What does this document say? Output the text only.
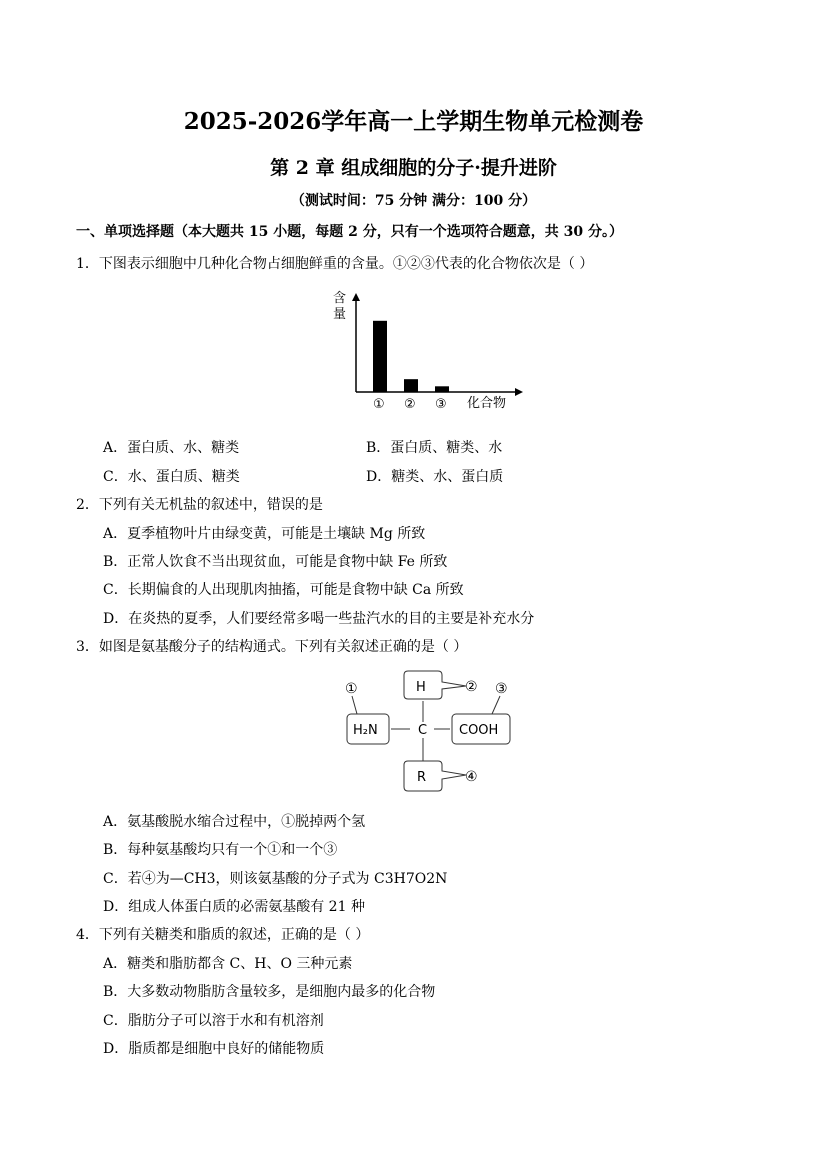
2025-2026学年高一上学期生物单元检测卷
第 2 章 组成细胞的分子·提升进阶
（测试时间：75 分钟 满分：100 分）
一、单项选择题（本大题共 15 小题，每题 2 分，只有一个选项符合题意，共 30 分。）
1．下图表示细胞中几种化合物占细胞鲜重的含量。①②③代表的化合物依次是（ ）
① ② ③
含
量
化合物
A．蛋白质、水、糖类	B．蛋白质、糖类、水
C．水、蛋白质、糖类	D．糖类、水、蛋白质
2．下列有关无机盐的叙述中，错误的是
A．夏季植物叶片由绿变黄，可能是土壤缺 Mg 所致
B．正常人饮食不当出现贫血，可能是食物中缺 Fe 所致
C．长期偏食的人出现肌肉抽搐，可能是食物中缺 Ca 所致
D．在炎热的夏季，人们要经常多喝一些盐汽水的目的主要是补充水分
3．如图是氨基酸分子的结构通式。下列有关叙述正确的是（ ）
H	②
①
H₂N	C
③
COOH
R	④
A．氨基酸脱水缩合过程中，①脱掉两个氢
B．每种氨基酸均只有一个①和一个③
C．若④为—CH3，则该氨基酸的分子式为 C3H7O2N
D．组成人体蛋白质的必需氨基酸有 21 种
4．下列有关糖类和脂质的叙述，正确的是（ ）
A．糖类和脂肪都含 C、H、O 三种元素
B．大多数动物脂肪含量较多，是细胞内最多的化合物
C．脂肪分子可以溶于水和有机溶剂
D．脂质都是细胞中良好的储能物质
